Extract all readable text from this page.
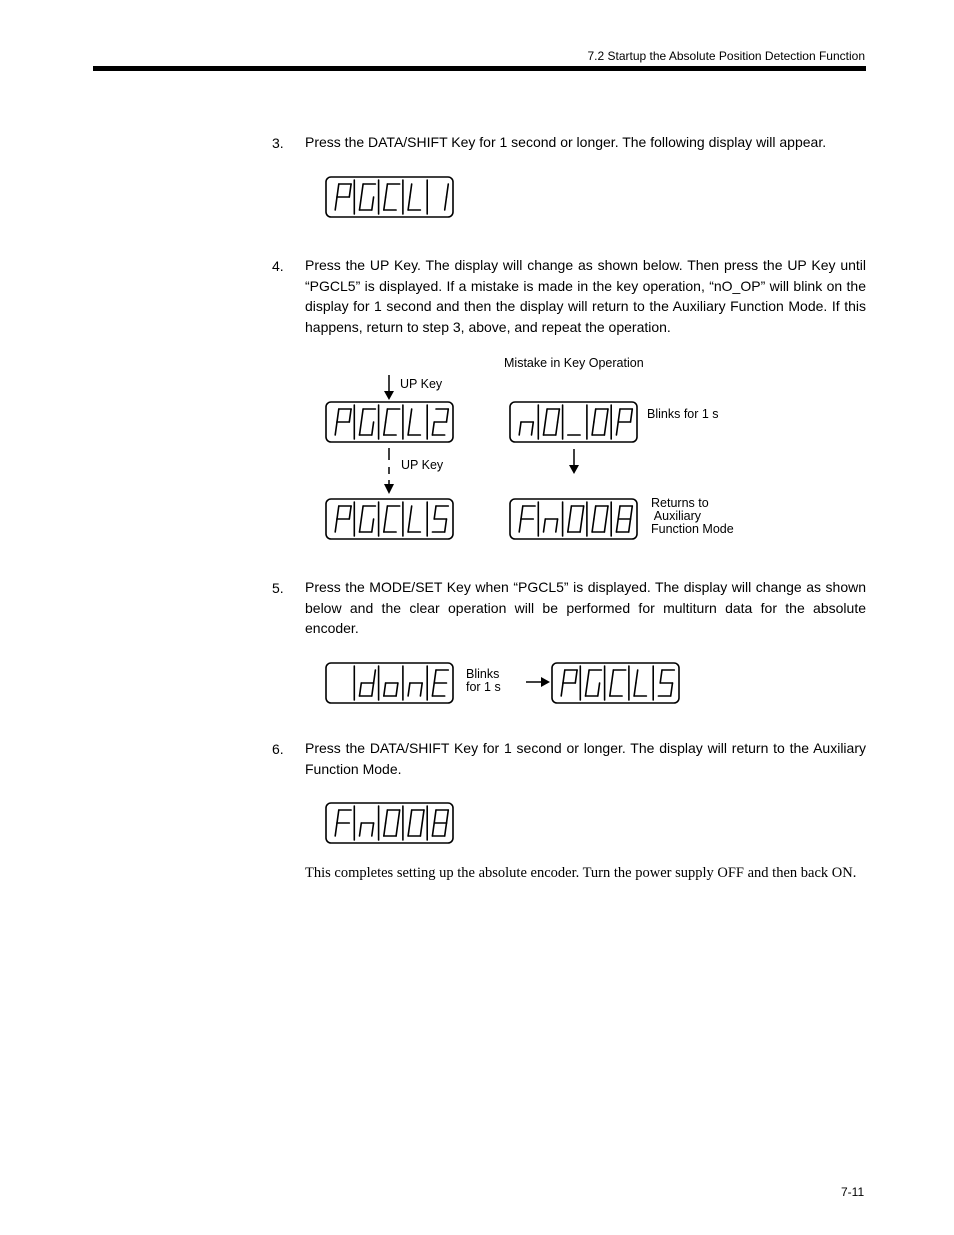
7.2 Startup the Absolute Position Detection Function
3. Press the DATA/SHIFT Key for 1 second or longer. The following display will appear.
4. Press the UP Key. The display will change as shown below. Then press the UP Key until “PGCL5” is displayed. If a mistake is made in the key operation, “nO_OP” will blink on the display for 1 second and then the display will return to the Auxiliary Function Mode. If this happens, return to step 3, above, and repeat the operation.
5. Press the MODE/SET Key when “PGCL5” is displayed. The display will change as shown below and the clear operation will be performed for multiturn data for the absolute encoder.
6. Press the DATA/SHIFT Key for 1 second or longer. The display will return to the Auxiliary Function Mode.
Mistake in Key Operation
UP Key
UP Key
Blinks for 1 s
Returns to
Auxiliary
Function Mode
Blinks
for 1 s
This completes setting up the absolute encoder. Turn the power supply OFF and then back ON.
7-11
